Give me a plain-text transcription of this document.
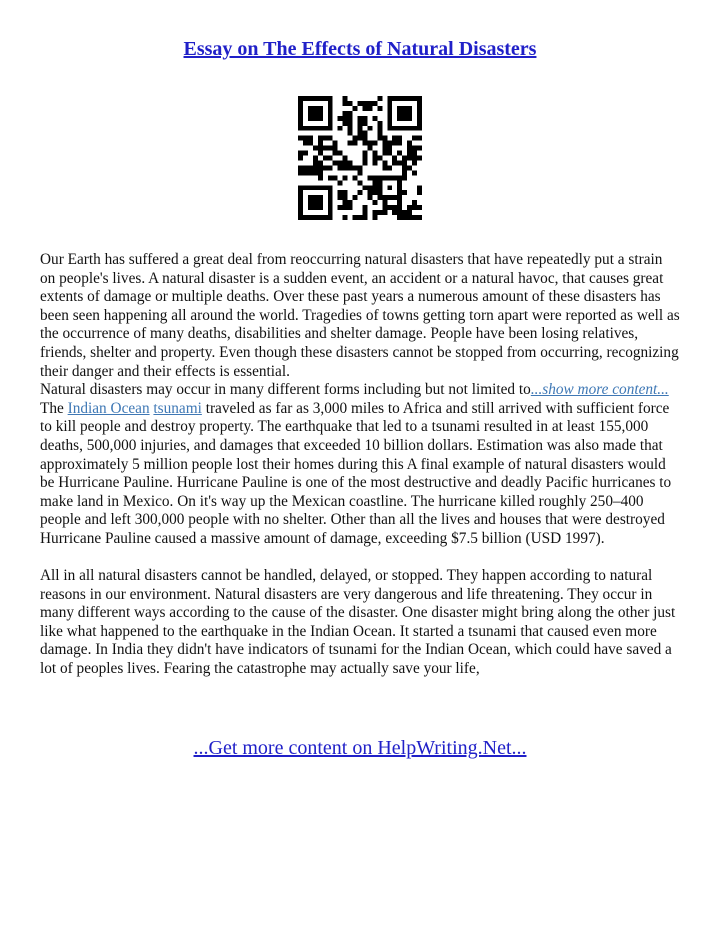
Essay on The Effects of Natural Disasters

Our Earth has suffered a great deal from reoccurring natural disasters that have repeatedly put a strain on people's lives. A natural disaster is a sudden event, an accident or a natural havoc, that causes great extents of damage or multiple deaths. Over these past years a numerous amount of these disasters has been seen happening all around the world. Tragedies of towns getting torn apart were reported as well as the occurrence of many deaths, disabilities and shelter damage. People have been losing relatives, friends, shelter and property. Even though these disasters cannot be stopped from occurring, recognizing their danger and their effects is essential.

Natural disasters may occur in many different forms including but not limited to...show more content...

The Indian Ocean tsunami traveled as far as 3,000 miles to Africa and still arrived with sufficient force to kill people and destroy property. The earthquake that led to a tsunami resulted in at least 155,000 deaths, 500,000 injuries, and damages that exceeded 10 billion dollars. Estimation was also made that approximately 5 million people lost their homes during this A final example of natural disasters would be Hurricane Pauline. Hurricane Pauline is one of the most destructive and deadly Pacific hurricanes to make land in Mexico. On it's way up the Mexican coastline. The hurricane killed roughly 250–400 people and left 300,000 people with no shelter. Other than all the lives and houses that were destroyed Hurricane Pauline caused a massive amount of damage, exceeding $7.5 billion (USD 1997).

All in all natural disasters cannot be handled, delayed, or stopped. They happen according to natural reasons in our environment. Natural disasters are very dangerous and life threatening. They occur in many different ways according to the cause of the disaster. One disaster might bring along the other just like what happened to the earthquake in the Indian Ocean. It started a tsunami that caused even more damage. In India they didn't have indicators of tsunami for the Indian Ocean, which could have saved a lot of peoples lives. Fearing the catastrophe may actually save your life,

...Get more content on HelpWriting.Net...
